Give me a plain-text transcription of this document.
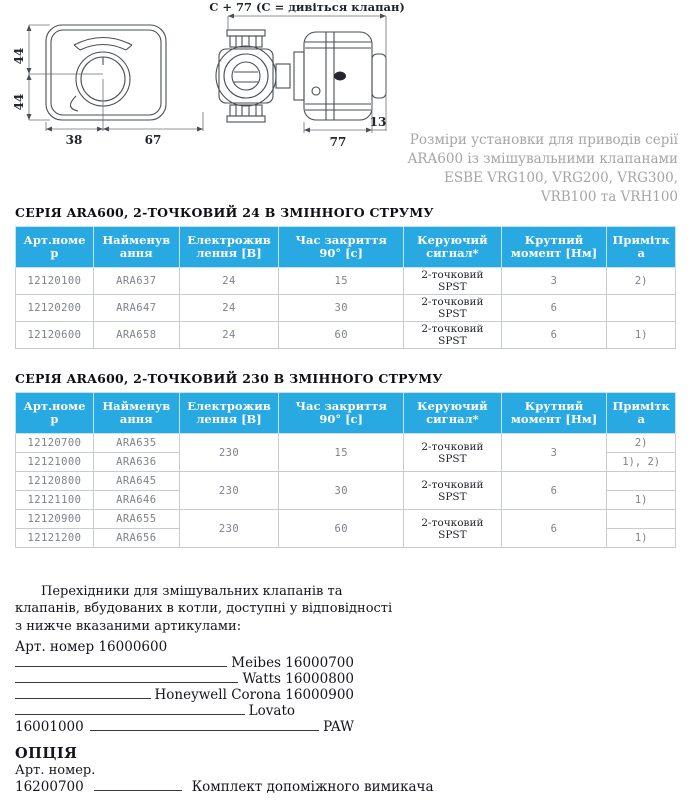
44
44
38	67
C + 77 (C = дивіться клапан)
77
13
Розміри установки для приводів серії
ARA600 із змішувальними клапанами
ESBE VRG100, VRG200, VRG300,
VRB100 та VRH100

СЕРІЯ ARA600, 2-ТОЧКОВИЙ 24 В ЗМІННОГО СТРУМУ

Арт.номер	Найменування	Електроживлення [В]	Час закриття 90° [с]	Керуючий сигнал*	Крутний момент [Нм]	Примітка
12120100	ARA637	24	15	2-точковий SPST	3	2)
12120200	ARA647	24	30	2-точковий SPST	6	
12120600	ARA658	24	60	2-точковий SPST	6	1)

СЕРІЯ ARA600, 2-ТОЧКОВИЙ 230 В ЗМІННОГО СТРУМУ

Арт.номер	Найменування	Електроживлення [В]	Час закриття 90° [с]	Керуючий сигнал*	Крутний момент [Нм]	Примітка
12120700	ARA635	230	15	2-точковий SPST	3	2)
12121000	ARA636					1), 2)
12120800	ARA645	230	30	2-точковий SPST	6	
12121100	ARA646					1)
12120900	ARA655	230	60	2-точковий SPST	6	
12121200	ARA656					1)

Перехідники для змішувальних клапанів та клапанів, вбудованих в котли, доступні у відповідності з нижче вказаними артикулами:

Арт. номер 16000600
Meibes 16000700
Watts 16000800
Honeywell Corona 16000900
Lovato
16001000	PAW

ОПЦІЯ

Арт. номер.

16200700	Комплект допоміжного вимикача
